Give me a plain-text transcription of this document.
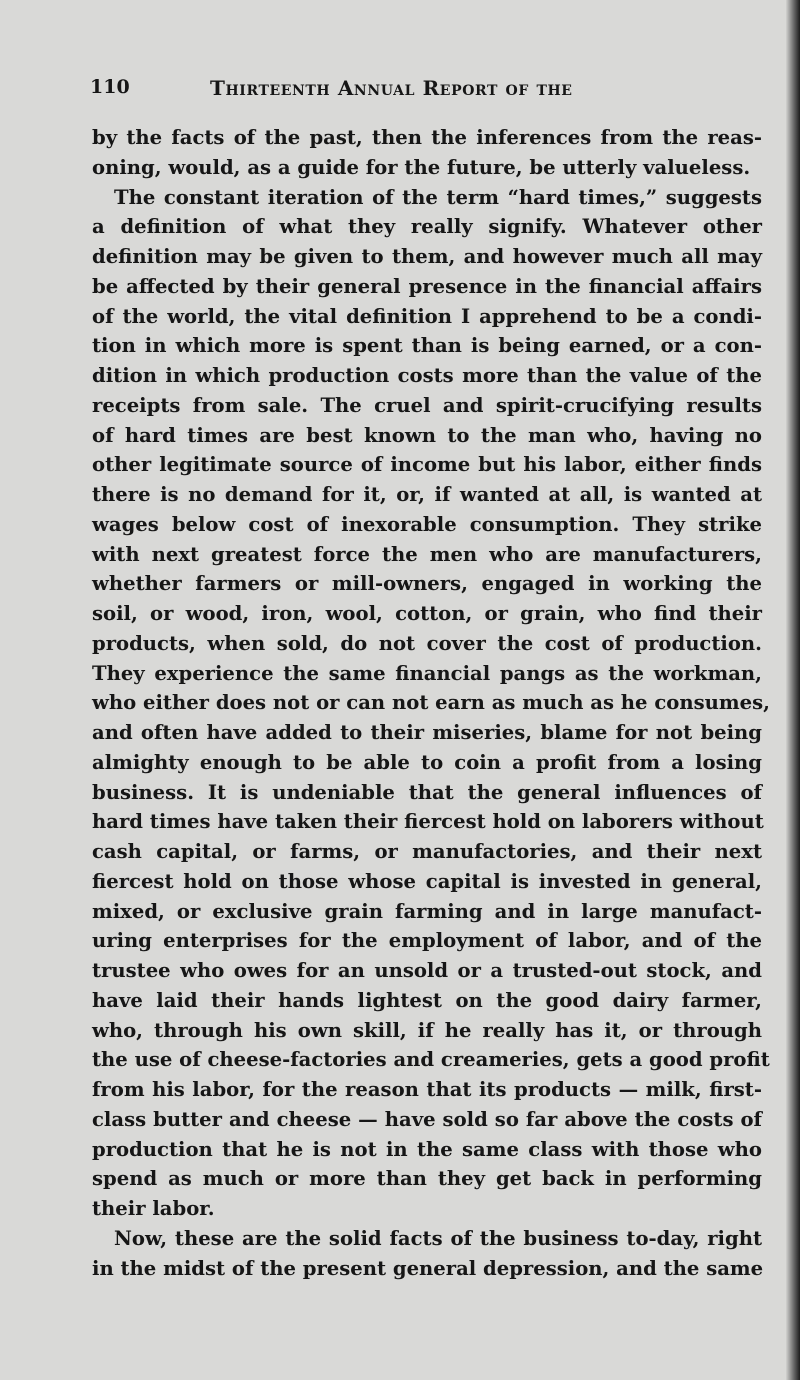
110	Thirteenth Annual Report of the
by the facts of the past, then the inferences from the reas-
oning, would, as a guide for the future, be utterly valueless.
The constant iteration of the term “hard times,” suggests
a definition of what they really signify. Whatever other
definition may be given to them, and however much all may
be affected by their general presence in the financial affairs
of the world, the vital definition I apprehend to be a condi-
tion in which more is spent than is being earned, or a con-
dition in which production costs more than the value of the
receipts from sale. The cruel and spirit-crucifying results
of hard times are best known to the man who, having no
other legitimate source of income but his labor, either finds
there is no demand for it, or, if wanted at all, is wanted at
wages below cost of inexorable consumption. They strike
with next greatest force the men who are manufacturers,
whether farmers or mill-owners, engaged in working the
soil, or wood, iron, wool, cotton, or grain, who find their
products, when sold, do not cover the cost of production.
They experience the same financial pangs as the workman,
who either does not or can not earn as much as he consumes,
and often have added to their miseries, blame for not being
almighty enough to be able to coin a profit from a losing
business. It is undeniable that the general influences of
hard times have taken their fiercest hold on laborers without
cash capital, or farms, or manufactories, and their next
fiercest hold on those whose capital is invested in general,
mixed, or exclusive grain farming and in large manufact-
uring enterprises for the employment of labor, and of the
trustee who owes for an unsold or a trusted-out stock, and
have laid their hands lightest on the good dairy farmer,
who, through his own skill, if he really has it, or through
the use of cheese-factories and creameries, gets a good profit
from his labor, for the reason that its products — milk, first-
class butter and cheese — have sold so far above the costs of
production that he is not in the same class with those who
spend as much or more than they get back in performing
their labor.
Now, these are the solid facts of the business to-day, right
in the midst of the present general depression, and the same
